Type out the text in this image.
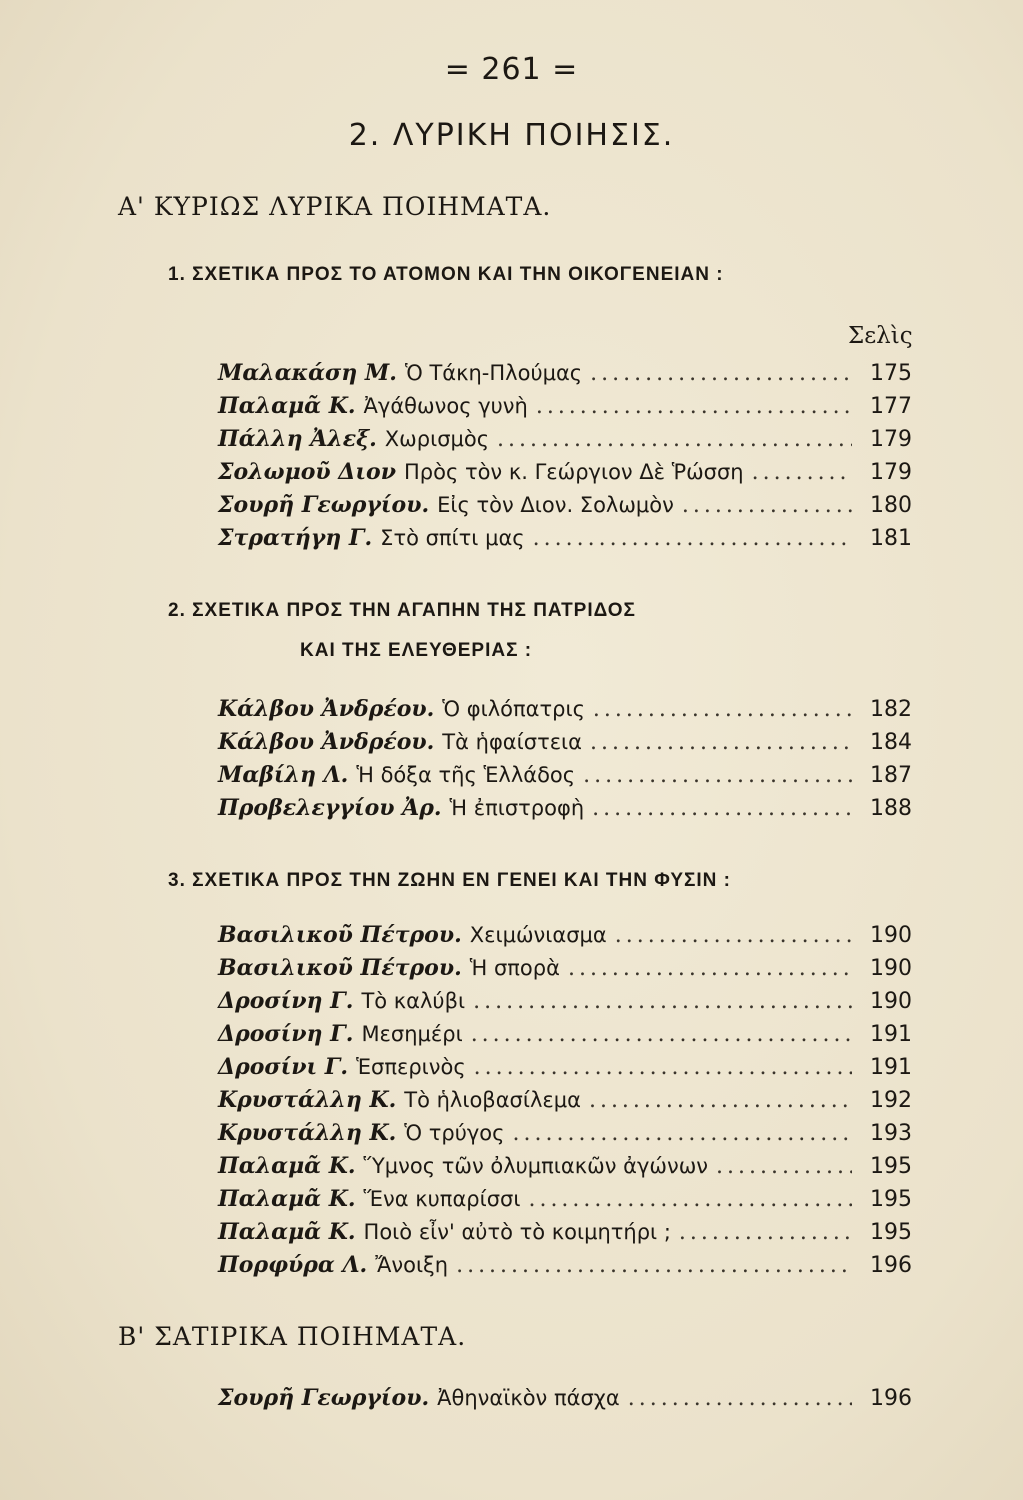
= 261 =
2. ΛΥΡΙΚΗ ΠΟΙΗΣΙΣ.
Α' ΚΥΡΙΩΣ ΛΥΡΙΚΑ ΠΟΙΗΜΑΤΑ.
1. ΣΧΕΤΙΚΑ ΠΡΟΣ ΤΟ ΑΤΟΜΟΝ ΚΑΙ ΤΗΝ ΟΙΚΟΓΕΝΕΙΑΝ :
Σελὶς
Μαλακάση Μ. Ὁ Τάκη-Πλούμας .....	175
Παλαμᾶ Κ. Ἀγάθωνος γυνὴ .....	177
Πάλλη Ἀλεξ. Χωρισμὸς .....	179
Σολωμοῦ Διον Πρὸς τὸν κ. Γεώργιον Δὲ Ῥώσση .....	179
Σουρῆ Γεωργίου. Εἰς τὸν Διον. Σολωμὸν .....	180
Στρατήγη Γ. Στὸ σπίτι μας .....	181
2. ΣΧΕΤΙΚΑ ΠΡΟΣ ΤΗΝ ΑΓΑΠΗΝ ΤΗΣ ΠΑΤΡΙΔΟΣ
ΚΑΙ ΤΗΣ ΕΛΕΥΘΕΡΙΑΣ :
Κάλβου Ἀνδρέου. Ὁ φιλόπατρις .....	182
Κάλβου Ἀνδρέου. Τὰ ἡφαίστεια .....	184
Μαβίλη Λ. Ἡ δόξα τῆς Ἑλλάδος .....	187
Προβελεγγίου Ἀρ. Ἡ ἐπιστροφὴ .....	188
3. ΣΧΕΤΙΚΑ ΠΡΟΣ ΤΗΝ ΖΩΗΝ ΕΝ ΓΕΝΕΙ ΚΑΙ ΤΗΝ ΦΥΣΙΝ :
Βασιλικοῦ Πέτρου. Χειμώνιασμα .....	190
Βασιλικοῦ Πέτρου. Ἡ σπορὰ .....	190
Δροσίνη Γ. Τὸ καλύβι .....	190
Δροσίνη Γ. Μεσημέρι .....	191
Δροσίνι Γ. Ἑσπερινὸς .....	191
Κρυστάλλη Κ. Τὸ ἡλιοβασίλεμα .....	192
Κρυστάλλη Κ. Ὁ τρύγος .....	193
Παλαμᾶ Κ. Ὕμνος τῶν ὀλυμπιακῶν ἀγώνων .....	195
Παλαμᾶ Κ. Ἕνα κυπαρίσσι .....	195
Παλαμᾶ Κ. Ποιὸ εἶν' αὐτὸ τὸ κοιμητήρι ; .....	195
Πορφύρα Λ. Ἄνοιξη .....	196
Β' ΣΑΤΙΡΙΚΑ ΠΟΙΗΜΑΤΑ.
Σουρῆ Γεωργίου. Ἀθηναϊκὸν πάσχα .....	196
